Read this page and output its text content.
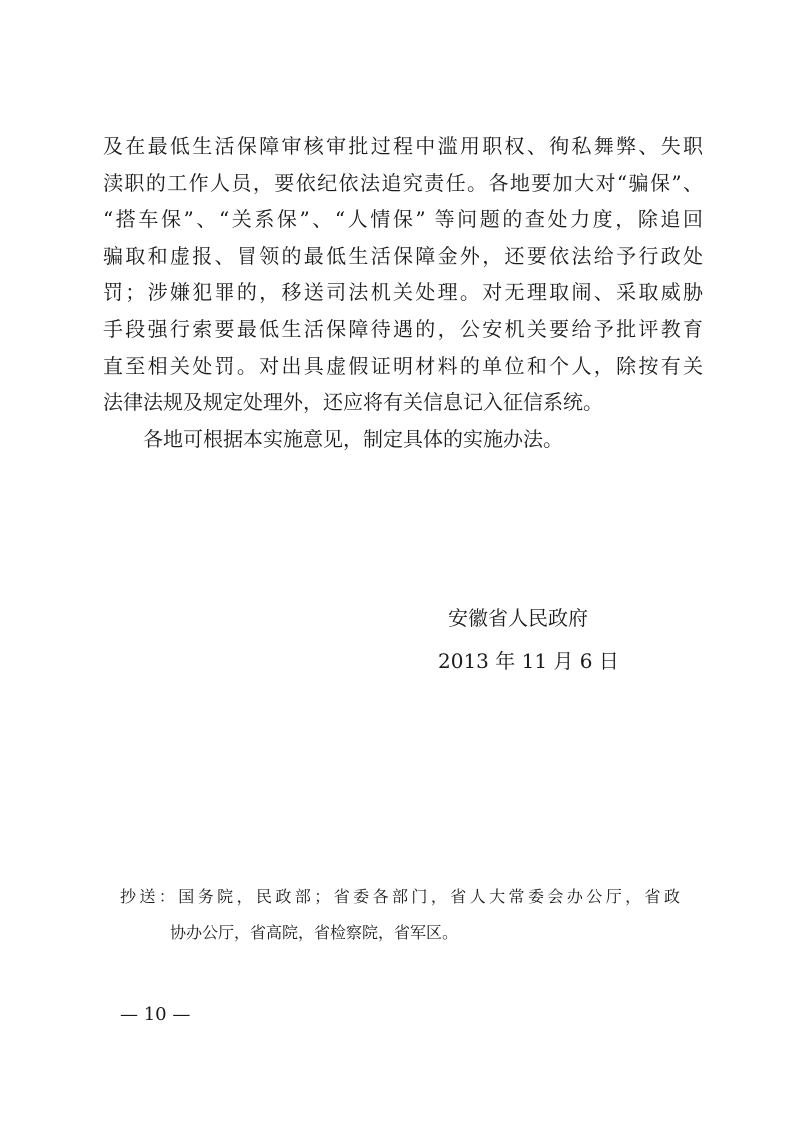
及在最低生活保障审核审批过程中滥用职权、徇私舞弊、失职
渎职的工作人员，要依纪依法追究责任。各地要加大对“骗保”、
“搭车保”、“关系保”、“人情保” 等问题的查处力度，除追回
骗取和虚报、冒领的最低生活保障金外，还要依法给予行政处
罚；涉嫌犯罪的，移送司法机关处理。对无理取闹、采取威胁
手段强行索要最低生活保障待遇的，公安机关要给予批评教育
直至相关处罚。对出具虚假证明材料的单位和个人，除按有关
法律法规及规定处理外，还应将有关信息记入征信系统。
各地可根据本实施意见，制定具体的实施办法。
安徽省人民政府
2013 年 11 月 6 日
抄送：国务院，民政部；省委各部门，省人大常委会办公厅，省政
协办公厅，省高院，省检察院，省军区。
— 10 —
